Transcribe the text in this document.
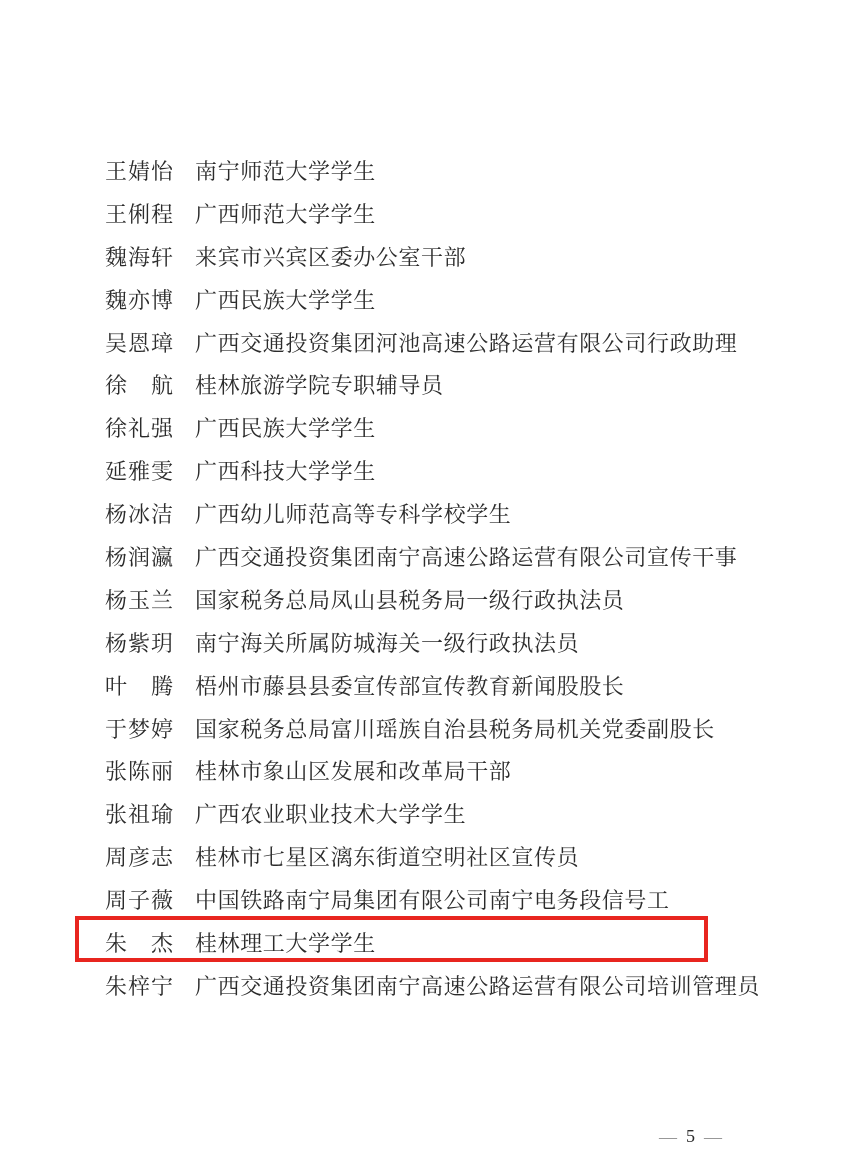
王 婧 怡 南宁师范大学学生
王 俐 程 广西师范大学学生
魏 海 轩 来宾市兴宾区委办公室干部
魏 亦 博 广西民族大学学生
吴 恩 璋 广西交通投资集团河池高速公路运营有限公司行政助理
徐 航 桂林旅游学院专职辅导员
徐 礼 强 广西民族大学学生
延 雅 雯 广西科技大学学生
杨 冰 洁 广西幼儿师范高等专科学校学生
杨 润 瀛 广西交通投资集团南宁高速公路运营有限公司宣传干事
杨 玉 兰 国家税务总局凤山县税务局一级行政执法员
杨 紫 玥 南宁海关所属防城海关一级行政执法员
叶 腾 梧州市藤县县委宣传部宣传教育新闻股股长
于 梦 婷 国家税务总局富川瑶族自治县税务局机关党委副股长
张 陈 丽 桂林市象山区发展和改革局干部
张 祖 瑜 广西农业职业技术大学学生
周 彦 志 桂林市七星区漓东街道空明社区宣传员
周 子 薇 中国铁路南宁局集团有限公司南宁电务段信号工
朱 杰 桂林理工大学学生
朱 梓 宁 广西交通投资集团南宁高速公路运营有限公司培训管理员
— 5 —
